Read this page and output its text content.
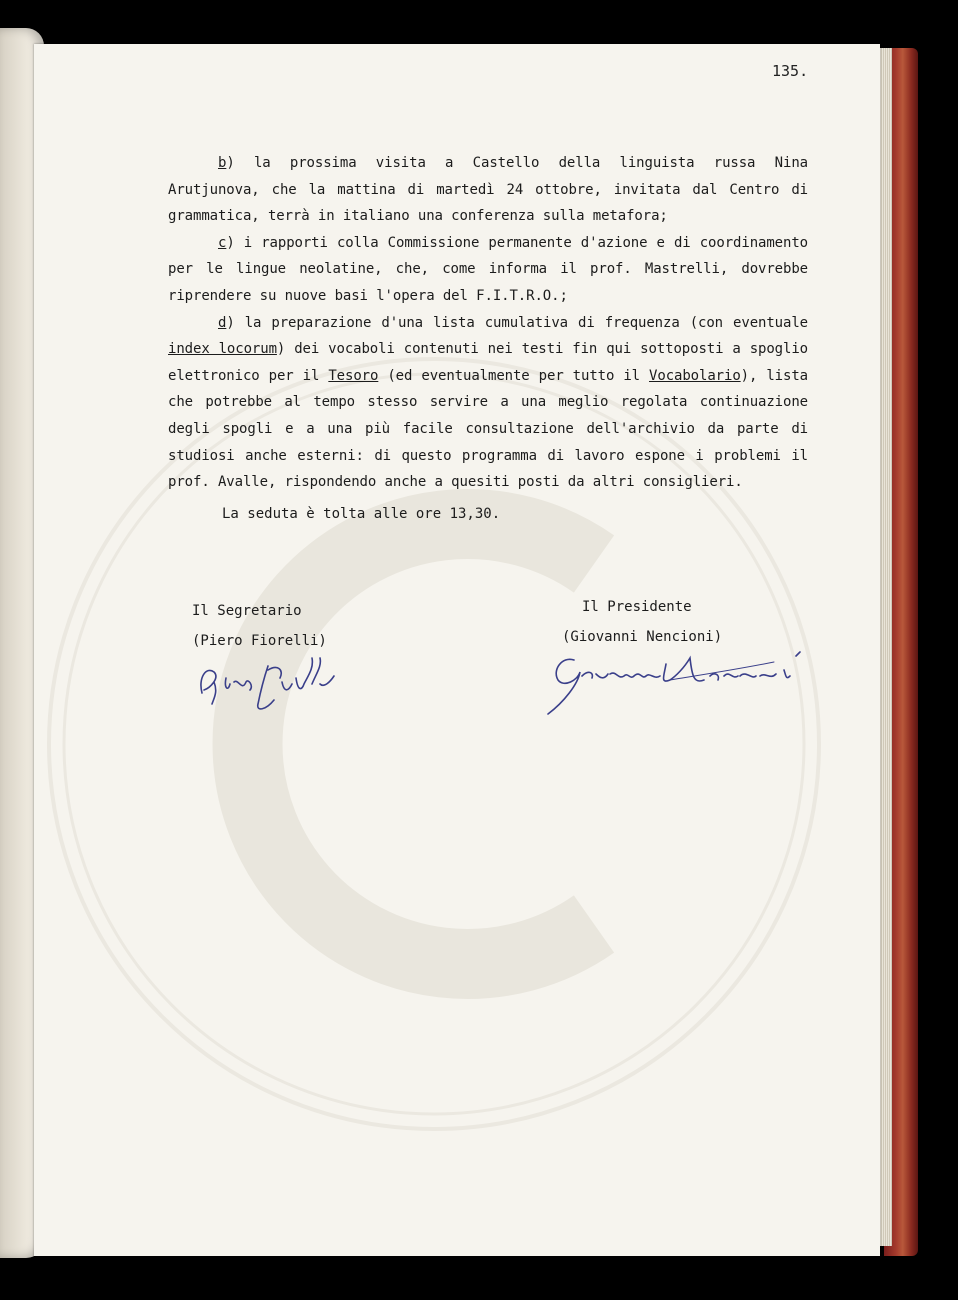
135.

b) la prossima visita a Castello della linguista russa Nina Arutjunova, che la mattina di martedì 24 ottobre, invitata dal Centro di grammatica, terrà in italiano una conferenza sulla metafora;

c) i rapporti colla Commissione permanente d'azione e di coordinamento per le lingue neolatine, che, come informa il prof. Mastrelli, dovrebbe riprendere su nuove basi l'opera del F.I.T.R.O.;

d) la preparazione d'una lista cumulativa di frequenza (con eventuale index locorum) dei vocaboli contenuti nei testi fin qui sottoposti a spoglio elettronico per il Tesoro (ed eventualmente per tutto il Vocabolario), lista che potrebbe al tempo stesso servire a una meglio regolata continuazione degli spogli e a una più facile consultazione dell'archivio da parte di studiosi anche esterni: di questo programma di lavoro espone i problemi il prof. Avalle, rispondendo anche a quesiti posti da altri consiglieri.

La seduta è tolta alle ore 13,30.
Il Segretario
(Piero Fiorelli)
Il Presidente
(Giovanni Nencioni)
